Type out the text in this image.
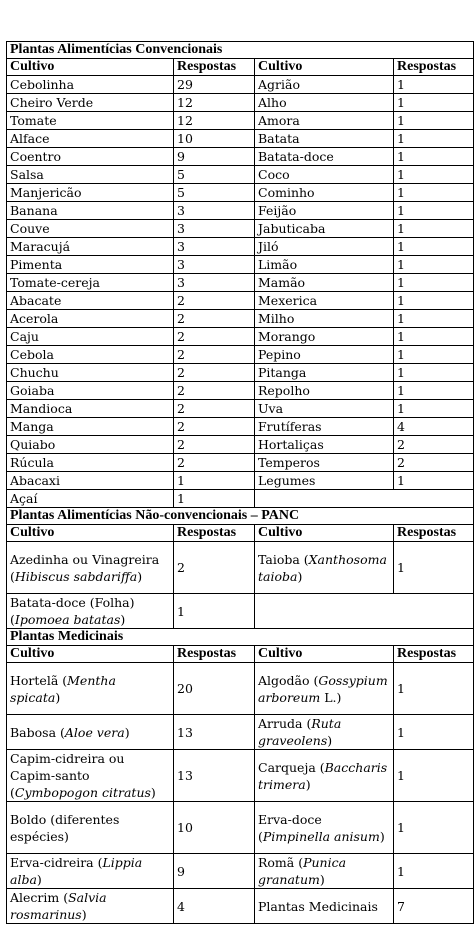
Plantas Alimentícias Convencionais			
Cultivo	Respostas	Cultivo	Respostas
Cebolinha	29	Agrião	1
Cheiro Verde	12	Alho	1
Tomate	12	Amora	1
Alface	10	Batata	1
Coentro	9	Batata-doce	1
Salsa	5	Coco	1
Manjericão	5	Cominho	1
Banana	3	Feijão	1
Couve	3	Jabuticaba	1
Maracujá	3	Jiló	1
Pimenta	3	Limão	1
Tomate-cereja	3	Mamão	1
Abacate	2	Mexerica	1
Acerola	2	Milho	1
Caju	2	Morango	1
Cebola	2	Pepino	1
Chuchu	2	Pitanga	1
Goiaba	2	Repolho	1
Mandioca	2	Uva	1
Manga	2	Frutíferas	4
Quiabo	2	Hortaliças	2
Rúcula	2	Temperos	2
Abacaxi	1	Legumes	1
Açaí	1		
Plantas Alimentícias Não-convencionais – PANC			
Cultivo	Respostas	Cultivo	Respostas
Azedinha ou Vinagreira (Hibiscus sabdariffa)	2	Taioba (Xanthosoma taioba)	1
Batata-doce (Folha) (Ipomoea batatas)	1		
Plantas Medicinais			
Cultivo	Respostas	Cultivo	Respostas
Hortelã (Mentha spicata)	20	Algodão (Gossypium arboreum L.)	1
Babosa (Aloe vera)	13	Arruda (Ruta graveolens)	1
Capim-cidreira ou Capim-santo (Cymbopogon citratus)	13	Carqueja (Baccharis trimera)	1
Boldo (diferentes espécies)	10	Erva-doce (Pimpinella anisum)	1
Erva-cidreira (Lippia alba)	9	Romã (Punica granatum)	1
Alecrim (Salvia rosmarinus)	4	Plantas Medicinais	7
